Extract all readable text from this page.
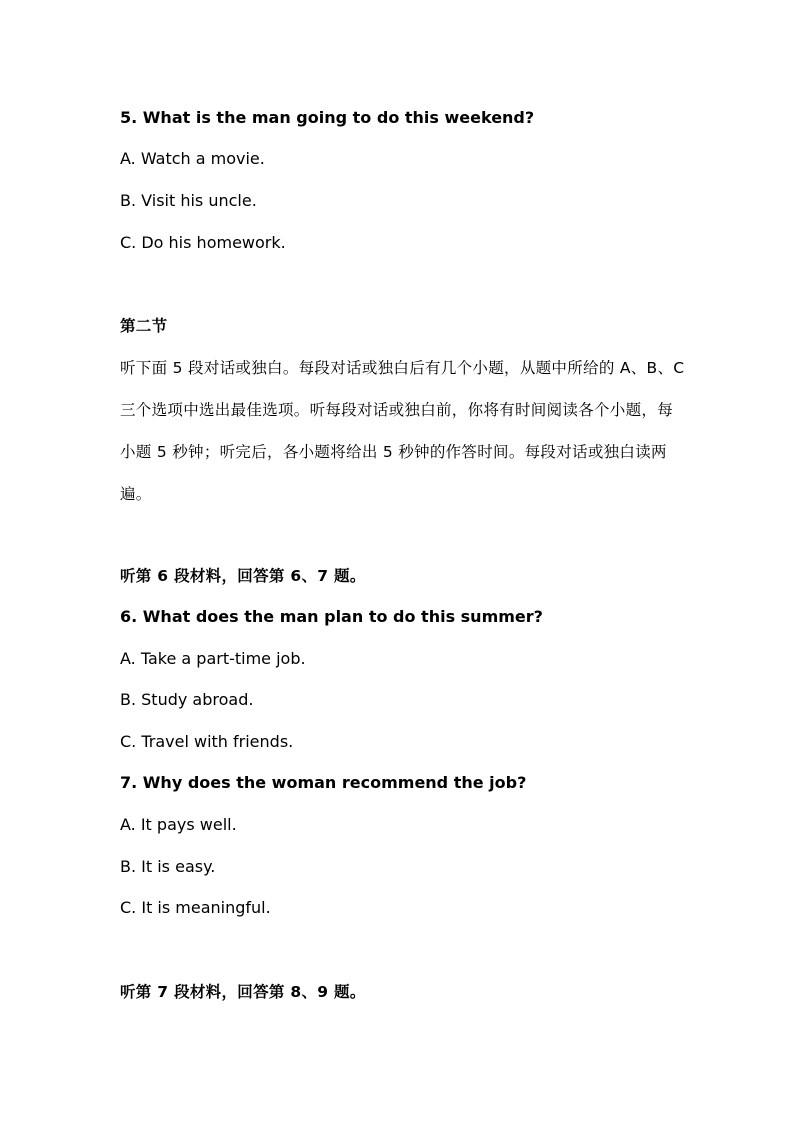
5. What is the man going to do this weekend?
A. Watch a movie.
B. Visit his uncle.
C. Do his homework.
第二节
听下面 5 段对话或独白。每段对话或独白后有几个小题，从题中所给的 A、B、C
三个选项中选出最佳选项。听每段对话或独白前，你将有时间阅读各个小题，每
小题 5 秒钟；听完后，各小题将给出 5 秒钟的作答时间。每段对话或独白读两
遍。
听第 6 段材料，回答第 6、7 题。
6. What does the man plan to do this summer?
A. Take a part-time job.
B. Study abroad.
C. Travel with friends.
7. Why does the woman recommend the job?
A. It pays well.
B. It is easy.
C. It is meaningful.
听第 7 段材料，回答第 8、9 题。
